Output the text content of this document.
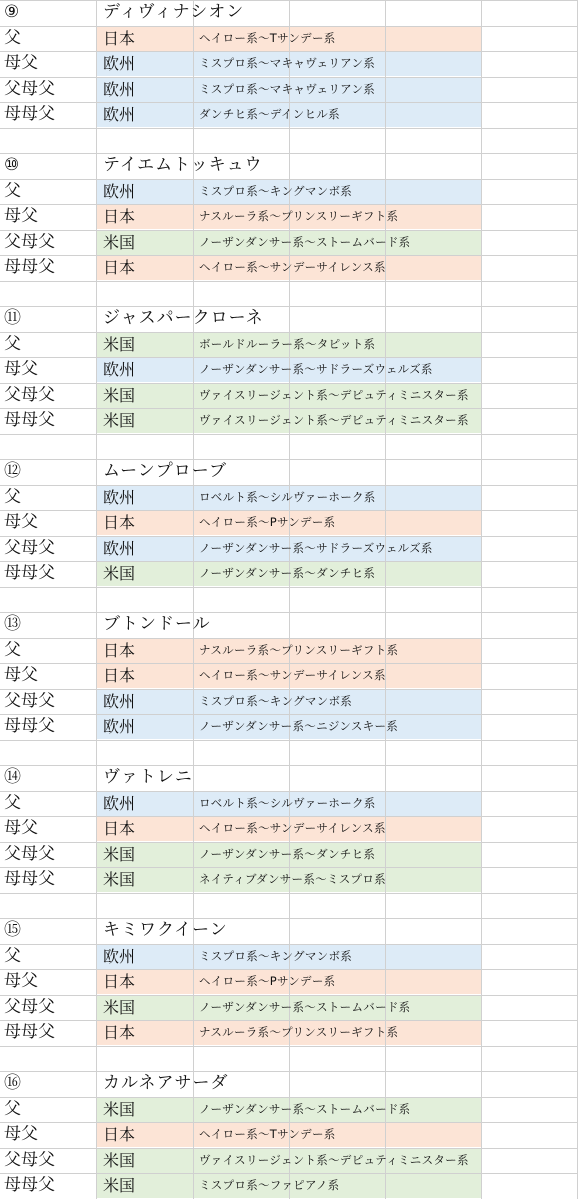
⑨	ディヴィナシオン
父	日本	ヘイロー系〜Tサンデー系
母父	欧州	ミスプロ系〜マキャヴェリアン系
父母父	欧州	ミスプロ系〜マキャヴェリアン系
母母父	欧州	ダンチヒ系〜デインヒル系
⑩	テイエムトッキュウ
父	欧州	ミスプロ系〜キングマンボ系
母父	日本	ナスルーラ系〜プリンスリーギフト系
父母父	米国	ノーザンダンサー系〜ストームバード系
母母父	日本	ヘイロー系〜サンデーサイレンス系
⑪	ジャスパークローネ
父	米国	ボールドルーラー系〜タピット系
母父	欧州	ノーザンダンサー系〜サドラーズウェルズ系
父母父	米国	ヴァイスリージェント系〜デピュティミニスター系
母母父	米国	ヴァイスリージェント系〜デピュティミニスター系
⑫	ムーンプローブ
父	欧州	ロベルト系〜シルヴァーホーク系
母父	日本	ヘイロー系〜Pサンデー系
父母父	欧州	ノーザンダンサー系〜サドラーズウェルズ系
母母父	米国	ノーザンダンサー系〜ダンチヒ系
⑬	ブトンドール
父	日本	ナスルーラ系〜プリンスリーギフト系
母父	日本	ヘイロー系〜サンデーサイレンス系
父母父	欧州	ミスプロ系〜キングマンボ系
母母父	欧州	ノーザンダンサー系〜ニジンスキー系
⑭	ヴァトレニ
父	欧州	ロベルト系〜シルヴァーホーク系
母父	日本	ヘイロー系〜サンデーサイレンス系
父母父	米国	ノーザンダンサー系〜ダンチヒ系
母母父	米国	ネイティブダンサー系〜ミスプロ系
⑮	キミワクイーン
父	欧州	ミスプロ系〜キングマンボ系
母父	日本	ヘイロー系〜Pサンデー系
父母父	米国	ノーザンダンサー系〜ストームバード系
母母父	日本	ナスルーラ系〜プリンスリーギフト系
⑯	カルネアサーダ
父	米国	ノーザンダンサー系〜ストームバード系
母父	日本	ヘイロー系〜Tサンデー系
父母父	米国	ヴァイスリージェント系〜デピュティミニスター系
母母父	米国	ミスプロ系〜ファピアノ系
